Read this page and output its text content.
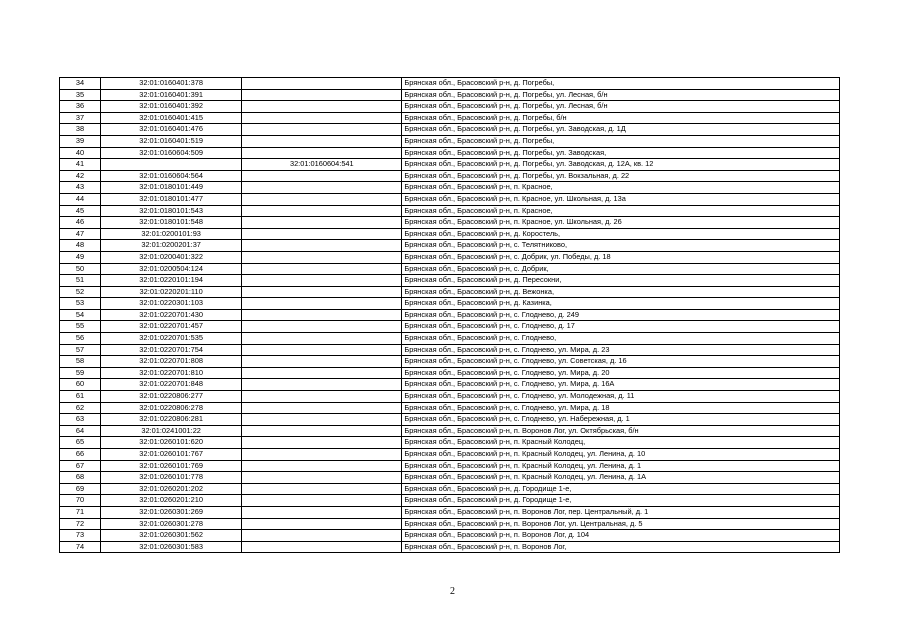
34	32:01:0160401:378		Брянская обл., Брасовский р-н, д. Погребы,
35	32:01:0160401:391		Брянская обл., Брасовский р-н, д. Погребы, ул. Лесная, б/н
36	32:01:0160401:392		Брянская обл., Брасовский р-н, д. Погребы, ул. Лесная, б/н
37	32:01:0160401:415		Брянская обл., Брасовский р-н, д. Погребы, б/н
38	32:01:0160401:476		Брянская обл., Брасовский р-н, д. Погребы, ул. Заводская, д. 1Д
39	32:01:0160401:519		Брянская обл., Брасовский р-н, д. Погребы,
40	32:01:0160604:509		Брянская обл., Брасовский р-н, д. Погребы, ул. Заводская,
41		32:01:0160604:541	Брянская обл., Брасовский р-н, д. Погребы, ул. Заводская, д. 12А, кв. 12
42	32:01:0160604:564		Брянская обл., Брасовский р-н, д. Погребы, ул. Вокзальная, д. 22
43	32:01:0180101:449		Брянская обл., Брасовский р-н, п. Красное,
44	32:01:0180101:477		Брянская обл., Брасовский р-н, п. Красное, ул. Школьная, д. 13а
45	32:01:0180101:543		Брянская обл., Брасовский р-н, п. Красное,
46	32:01:0180101:548		Брянская обл., Брасовский р-н, п. Красное, ул. Школьная, д. 26
47	32:01:0200101:93		Брянская обл., Брасовский р-н, д. Коростель,
48	32:01:0200201:37		Брянская обл., Брасовский р-н, с. Телятниково,
49	32:01:0200401:322		Брянская обл., Брасовский р-н, с. Добрик, ул. Победы, д. 18
50	32:01:0200504:124		Брянская обл., Брасовский р-н, с. Добрик,
51	32:01:0220101:194		Брянская обл., Брасовский р-н, д. Пересокни,
52	32:01:0220201:110		Брянская обл., Брасовский р-н, д. Вежонка,
53	32:01:0220301:103		Брянская обл., Брасовский р-н, д. Казинка,
54	32:01:0220701:430		Брянская обл., Брасовский р-н, с. Глоднево, д. 249
55	32:01:0220701:457		Брянская обл., Брасовский р-н, с. Глоднево, д. 17
56	32:01:0220701:535		Брянская обл., Брасовский р-н, с. Глоднево,
57	32:01:0220701:754		Брянская обл., Брасовский р-н, с. Глоднево, ул. Мира, д. 23
58	32:01:0220701:808		Брянская обл., Брасовский р-н, с. Глоднево, ул. Советская, д. 16
59	32:01:0220701:810		Брянская обл., Брасовский р-н, с. Глоднево, ул. Мира, д. 20
60	32:01:0220701:848		Брянская обл., Брасовский р-н, с. Глоднево, ул. Мира, д. 16А
61	32:01:0220806:277		Брянская обл., Брасовский р-н, с. Глоднево, ул. Молодежная, д. 11
62	32:01:0220806:278		Брянская обл., Брасовский р-н, с. Глоднево, ул. Мира, д. 18
63	32:01:0220806:281		Брянская обл., Брасовский р-н, с. Глоднево, ул. Набережная, д. 1
64	32:01:0241001:22		Брянская обл., Брасовский р-н, п. Воронов Лог, ул. Октябрьская, б/н
65	32:01:0260101:620		Брянская обл., Брасовский р-н, п. Красный Колодец,
66	32:01:0260101:767		Брянская обл., Брасовский р-н, п. Красный Колодец, ул. Ленина, д. 10
67	32:01:0260101:769		Брянская обл., Брасовский р-н, п. Красный Колодец, ул. Ленина, д. 1
68	32:01:0260101:778		Брянская обл., Брасовский р-н, п. Красный Колодец, ул. Ленина, д. 1А
69	32:01:0260201:202		Брянская обл., Брасовский р-н, д. Городище 1-е,
70	32:01:0260201:210		Брянская обл., Брасовский р-н, д. Городище 1-е,
71	32:01:0260301:269		Брянская обл., Брасовский р-н, п. Воронов Лог, пер. Центральный, д. 1
72	32:01:0260301:278		Брянская обл., Брасовский р-н, п. Воронов Лог, ул. Центральная, д. 5
73	32:01:0260301:562		Брянская обл., Брасовский р-н, п. Воронов Лог, д. 104
74	32:01:0260301:583		Брянская обл., Брасовский р-н, п. Воронов Лог,
2
